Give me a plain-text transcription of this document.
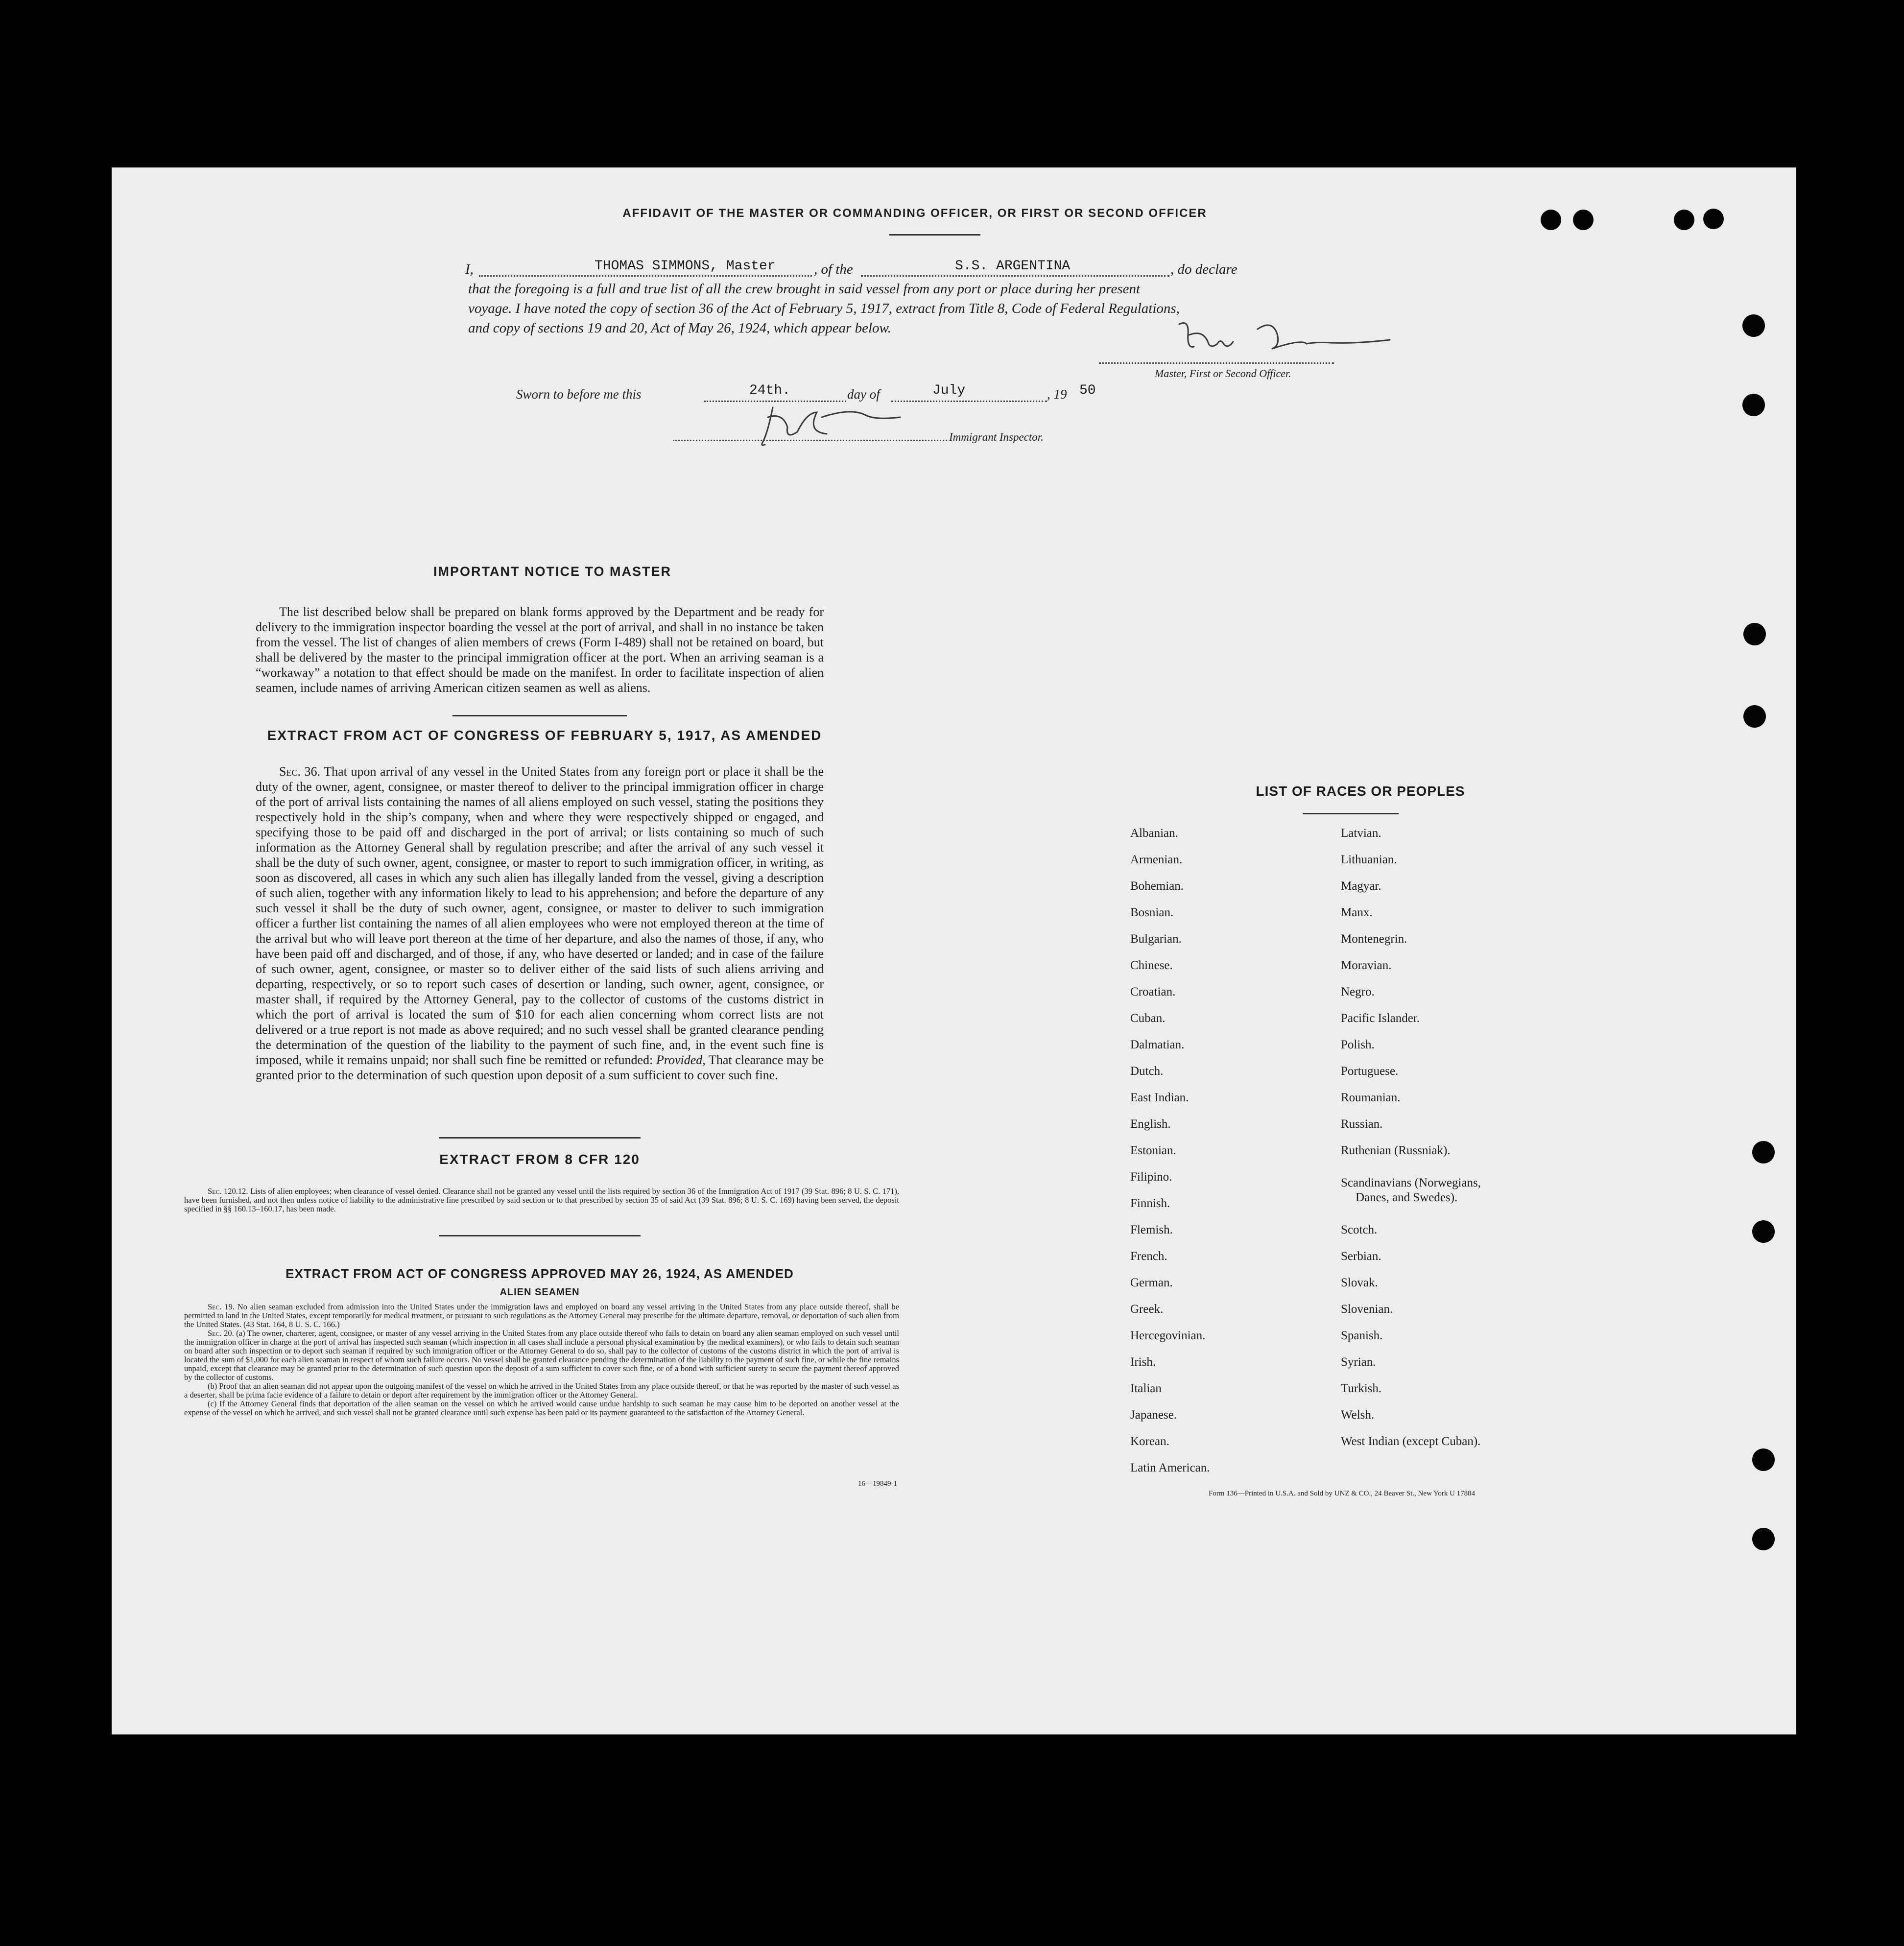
AFFIDAVIT OF THE MASTER OR COMMANDING OFFICER, OR FIRST OR SECOND OFFICER
I,	THOMAS SIMMONS, Master	, of the	S.S. ARGENTINA	, do declare
that the foregoing is a full and true list of all the crew brought in said vessel from any port or place during her present
voyage. I have noted the copy of section 36 of the Act of February 5, 1917, extract from Title 8, Code of Federal Regulations,
and copy of sections 19 and 20, Act of May 26, 1924, which appear below.
Master, First or Second Officer.
Sworn to before me this	24th.	day of	July	, 19 50
Immigrant Inspector.
IMPORTANT NOTICE TO MASTER
The list described below shall be prepared on blank forms approved by the Department and be ready for delivery to the immigration inspector boarding the vessel at the port of arrival, and shall in no instance be taken from the vessel. The list of changes of alien members of crews (Form I-489) shall not be retained on board, but shall be delivered by the master to the principal immigration officer at the port. When an arriving seaman is a “workaway” a notation to that effect should be made on the manifest. In order to facilitate inspection of alien seamen, include names of arriving American citizen seamen as well as aliens.
EXTRACT FROM ACT OF CONGRESS OF FEBRUARY 5, 1917, AS AMENDED
Sec. 36. That upon arrival of any vessel in the United States from any foreign port or place it shall be the duty of the owner, agent, consignee, or master thereof to deliver to the principal immigration officer in charge of the port of arrival lists containing the names of all aliens employed on such vessel, stating the positions they respectively hold in the ship’s company, when and where they were respectively shipped or engaged, and specifying those to be paid off and discharged in the port of arrival; or lists containing so much of such information as the Attorney General shall by regulation prescribe; and after the arrival of any such vessel it shall be the duty of such owner, agent, consignee, or master to report to such immigration officer, in writing, as soon as discovered, all cases in which any such alien has illegally landed from the vessel, giving a description of such alien, together with any information likely to lead to his apprehension; and before the departure of any such vessel it shall be the duty of such owner, agent, consignee, or master to deliver to such immigration officer a further list containing the names of all alien employees who were not employed thereon at the time of the arrival but who will leave port thereon at the time of her departure, and also the names of those, if any, who have been paid off and discharged, and of those, if any, who have deserted or landed; and in case of the failure of such owner, agent, consignee, or master so to deliver either of the said lists of such aliens arriving and departing, respectively, or so to report such cases of desertion or landing, such owner, agent, consignee, or master shall, if required by the Attorney General, pay to the collector of customs of the customs district in which the port of arrival is located the sum of $10 for each alien concerning whom correct lists are not delivered or a true report is not made as above required; and no such vessel shall be granted clearance pending the determination of the question of the liability to the payment of such fine, and, in the event such fine is imposed, while it remains unpaid; nor shall such fine be remitted or refunded: Provided, That clearance may be granted prior to the determination of such question upon deposit of a sum sufficient to cover such fine.
EXTRACT FROM 8 CFR 120
Sec. 120.12. Lists of alien employees; when clearance of vessel denied. Clearance shall not be granted any vessel until the lists required by section 36 of the Immigration Act of 1917 (39 Stat. 896; 8 U. S. C. 171), have been furnished, and not then unless notice of liability to the administrative fine prescribed by said section or to that prescribed by section 35 of said Act (39 Stat. 896; 8 U. S. C. 169) having been served, the deposit specified in §§ 160.13–160.17, has been made.
EXTRACT FROM ACT OF CONGRESS APPROVED MAY 26, 1924, AS AMENDED
ALIEN SEAMEN
Sec. 19. No alien seaman excluded from admission into the United States under the immigration laws and employed on board any vessel arriving in the United States from any place outside thereof, shall be permitted to land in the United States, except temporarily for medical treatment, or pursuant to such regulations as the Attorney General may prescribe for the ultimate departure, removal, or deportation of such alien from the United States. (43 Stat. 164, 8 U. S. C. 166.)
Sec. 20. (a) The owner, charterer, agent, consignee, or master of any vessel arriving in the United States from any place outside thereof who fails to detain on board any alien seaman employed on such vessel until the immigration officer in charge at the port of arrival has inspected such seaman (which inspection in all cases shall include a personal physical examination by the medical examiners), or who fails to detain such seaman on board after such inspection or to deport such seaman if required by such immigration officer or the Attorney General to do so, shall pay to the collector of customs of the customs district in which the port of arrival is located the sum of $1,000 for each alien seaman in respect of whom such failure occurs. No vessel shall be granted clearance pending the determination of the liability to the payment of such fine, or while the fine remains unpaid, except that clearance may be granted prior to the determination of such question upon the deposit of a sum sufficient to cover such fine, or of a bond with sufficient surety to secure the payment thereof approved by the collector of customs.
(b) Proof that an alien seaman did not appear upon the outgoing manifest of the vessel on which he arrived in the United States from any place outside thereof, or that he was reported by the master of such vessel as a deserter, shall be prima facie evidence of a failure to detain or deport after requirement by the immigration officer or the Attorney General.
(c) If the Attorney General finds that deportation of the alien seaman on the vessel on which he arrived would cause undue hardship to such seaman he may cause him to be deported on another vessel at the expense of the vessel on which he arrived, and such vessel shall not be granted clearance until such expense has been paid or its payment guaranteed to the satisfaction of the Attorney General.
16—19849-1
LIST OF RACES OR PEOPLES
Albanian.
Armenian.
Bohemian.
Bosnian.
Bulgarian.
Chinese.
Croatian.
Cuban.
Dalmatian.
Dutch.
East Indian.
English.
Estonian.
Filipino.
Finnish.
Flemish.
French.
German.
Greek.
Hercegovinian.
Irish.
Italian
Japanese.
Korean.
Latin American.
Latvian.
Lithuanian.
Magyar.
Manx.
Montenegrin.
Moravian.
Negro.
Pacific Islander.
Polish.
Portuguese.
Roumanian.
Russian.
Ruthenian (Russniak).
Scandinavians (Norwegians,
Danes, and Swedes).
Scotch.
Serbian.
Slovak.
Slovenian.
Spanish.
Syrian.
Turkish.
Welsh.
West Indian (except Cuban).
Form 136—Printed in U.S.A. and Sold by UNZ & CO., 24 Beaver St., New York U 17884
